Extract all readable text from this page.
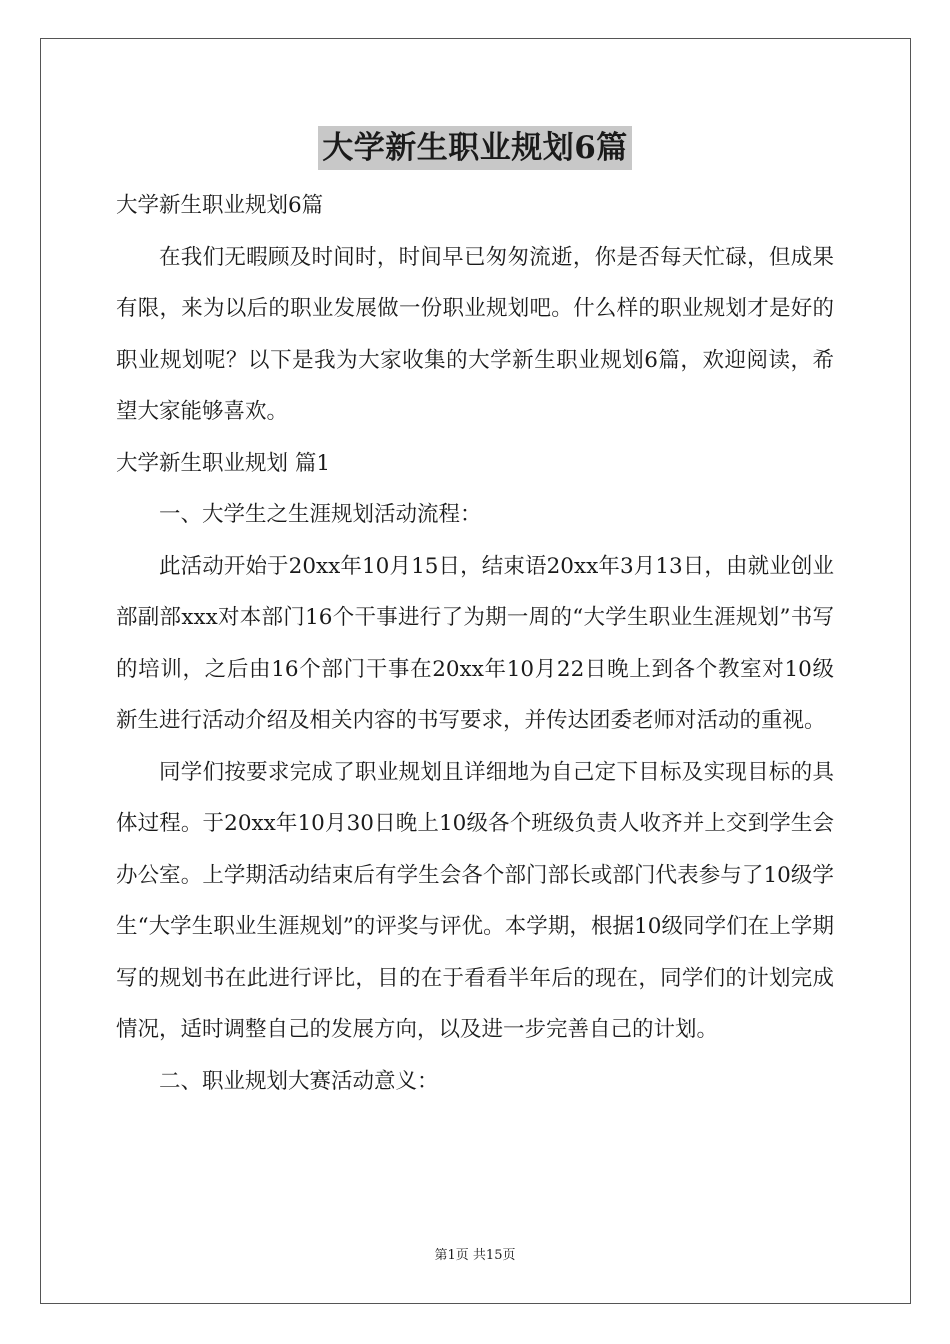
大学新生职业规划6篇

大学新生职业规划6篇

在我们无暇顾及时间时，时间早已匆匆流逝，你是否每天忙碌，但成果有限，来为以后的职业发展做一份职业规划吧。什么样的职业规划才是好的职业规划呢？以下是我为大家收集的大学新生职业规划6篇，欢迎阅读，希望大家能够喜欢。

大学新生职业规划 篇1

一、大学生之生涯规划活动流程：

此活动开始于20xx年10月15日，结束语20xx年3月13日，由就业创业部副部xxx对本部门16个干事进行了为期一周的“大学生职业生涯规划”书写的培训，之后由16个部门干事在20xx年10月22日晚上到各个教室对10级新生进行活动介绍及相关内容的书写要求，并传达团委老师对活动的重视。

同学们按要求完成了职业规划且详细地为自己定下目标及实现目标的具体过程。于20xx年10月30日晚上10级各个班级负责人收齐并上交到学生会办公室。上学期活动结束后有学生会各个部门部长或部门代表参与了10级学生“大学生职业生涯规划”的评奖与评优。本学期，根据10级同学们在上学期写的规划书在此进行评比，目的在于看看半年后的现在，同学们的计划完成情况，适时调整自己的发展方向，以及进一步完善自己的计划。

二、职业规划大赛活动意义：

第1页 共15页
